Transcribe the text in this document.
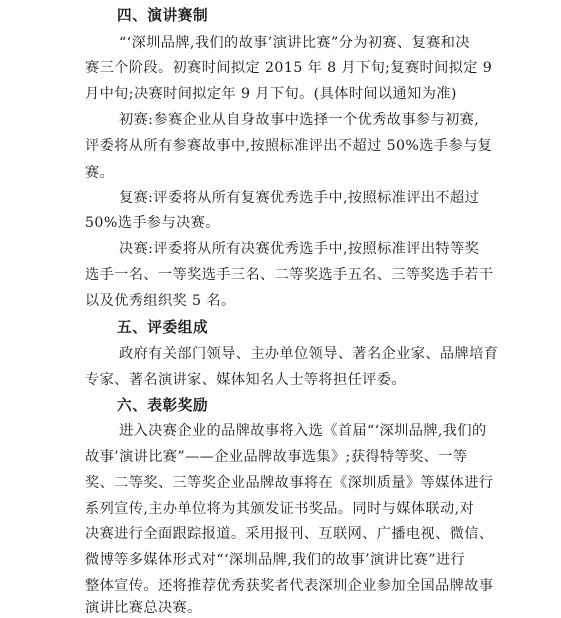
四、演讲赛制
“‘深圳品牌,我们的故事’演讲比赛”分为初赛、复赛和决
赛三个阶段。初赛时间拟定 2015 年 8 月下旬;复赛时间拟定 9
月中旬;决赛时间拟定年 9 月下旬。(具体时间以通知为准)
初赛:参赛企业从自身故事中选择一个优秀故事参与初赛,
评委将从所有参赛故事中,按照标准评出不超过 50%选手参与复
赛。
复赛:评委将从所有复赛优秀选手中,按照标准评出不超过
50%选手参与决赛。
决赛:评委将从所有决赛优秀选手中,按照标准评出特等奖
选手一名、一等奖选手三名、二等奖选手五名、三等奖选手若干
以及优秀组织奖 5 名。
五、评委组成
政府有关部门领导、主办单位领导、著名企业家、品牌培育
专家、著名演讲家、媒体知名人士等将担任评委。
六、表彰奖励
进入决赛企业的品牌故事将入选《首届“‘深圳品牌,我们的
故事’演讲比赛”——企业品牌故事选集》;获得特等奖、一等
奖、二等奖、三等奖企业品牌故事将在《深圳质量》等媒体进行
系列宣传,主办单位将为其颁发证书奖品。同时与媒体联动,对
决赛进行全面跟踪报道。采用报刊、互联网、广播电视、微信、
微博等多媒体形式对“‘深圳品牌,我们的故事’演讲比赛”进行
整体宣传。还将推荐优秀获奖者代表深圳企业参加全国品牌故事
演讲比赛总决赛。
